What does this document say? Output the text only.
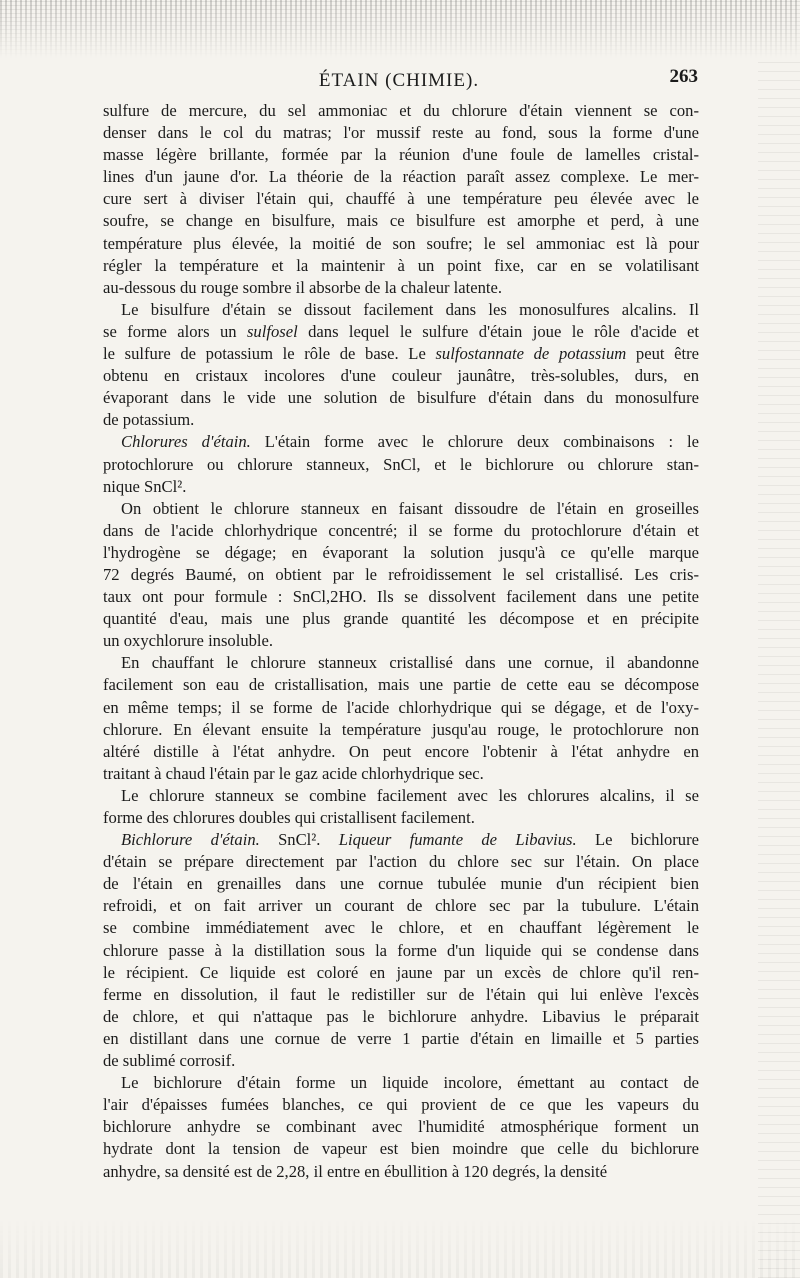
ÉTAIN (CHIMIE).	263

sulfure de mercure, du sel ammoniac et du chlorure d'étain viennent se con-
denser dans le col du matras; l'or mussif reste au fond, sous la forme d'une
masse légère brillante, formée par la réunion d'une foule de lamelles cristal-
lines d'un jaune d'or. La théorie de la réaction paraît assez complexe. Le mer-
cure sert à diviser l'étain qui, chauffé à une température peu élevée avec le
soufre, se change en bisulfure, mais ce bisulfure est amorphe et perd, à une
température plus élevée, la moitié de son soufre; le sel ammoniac est là pour
régler la température et la maintenir à un point fixe, car en se volatilisant
au-dessous du rouge sombre il absorbe de la chaleur latente.

Le bisulfure d'étain se dissout facilement dans les monosulfures alcalins. Il
se forme alors un sulfosel dans lequel le sulfure d'étain joue le rôle d'acide et
le sulfure de potassium le rôle de base. Le sulfostannate de potassium peut être
obtenu en cristaux incolores d'une couleur jaunâtre, très-solubles, durs, en
évaporant dans le vide une solution de bisulfure d'étain dans du monosulfure
de potassium.

Chlorures d'étain. L'étain forme avec le chlorure deux combinaisons : le
protochlorure ou chlorure stanneux, SnCl, et le bichlorure ou chlorure stan-
nique SnCl².

On obtient le chlorure stanneux en faisant dissoudre de l'étain en groseilles
dans de l'acide chlorhydrique concentré; il se forme du protochlorure d'étain et
l'hydrogène se dégage; en évaporant la solution jusqu'à ce qu'elle marque
72 degrés Baumé, on obtient par le refroidissement le sel cristallisé. Les cris-
taux ont pour formule : SnCl,2HO. Ils se dissolvent facilement dans une petite
quantité d'eau, mais une plus grande quantité les décompose et en précipite
un oxychlorure insoluble.

En chauffant le chlorure stanneux cristallisé dans une cornue, il abandonne
facilement son eau de cristallisation, mais une partie de cette eau se décompose
en même temps; il se forme de l'acide chlorhydrique qui se dégage, et de l'oxy-
chlorure. En élevant ensuite la température jusqu'au rouge, le protochlorure non
altéré distille à l'état anhydre. On peut encore l'obtenir à l'état anhydre en
traitant à chaud l'étain par le gaz acide chlorhydrique sec.

Le chlorure stanneux se combine facilement avec les chlorures alcalins, il se
forme des chlorures doubles qui cristallisent facilement.

Bichlorure d'étain. SnCl². Liqueur fumante de Libavius. Le bichlorure
d'étain se prépare directement par l'action du chlore sec sur l'étain. On place
de l'étain en grenailles dans une cornue tubulée munie d'un récipient bien
refroidi, et on fait arriver un courant de chlore sec par la tubulure. L'étain
se combine immédiatement avec le chlore, et en chauffant légèrement le
chlorure passe à la distillation sous la forme d'un liquide qui se condense dans
le récipient. Ce liquide est coloré en jaune par un excès de chlore qu'il ren-
ferme en dissolution, il faut le redistiller sur de l'étain qui lui enlève l'excès
de chlore, et qui n'attaque pas le bichlorure anhydre. Libavius le préparait
en distillant dans une cornue de verre 1 partie d'étain en limaille et 5 parties
de sublimé corrosif.

Le bichlorure d'étain forme un liquide incolore, émettant au contact de
l'air d'épaisses fumées blanches, ce qui provient de ce que les vapeurs du
bichlorure anhydre se combinant avec l'humidité atmosphérique forment un
hydrate dont la tension de vapeur est bien moindre que celle du bichlorure
anhydre, sa densité est de 2,28, il entre en ébullition à 120 degrés, la densité
